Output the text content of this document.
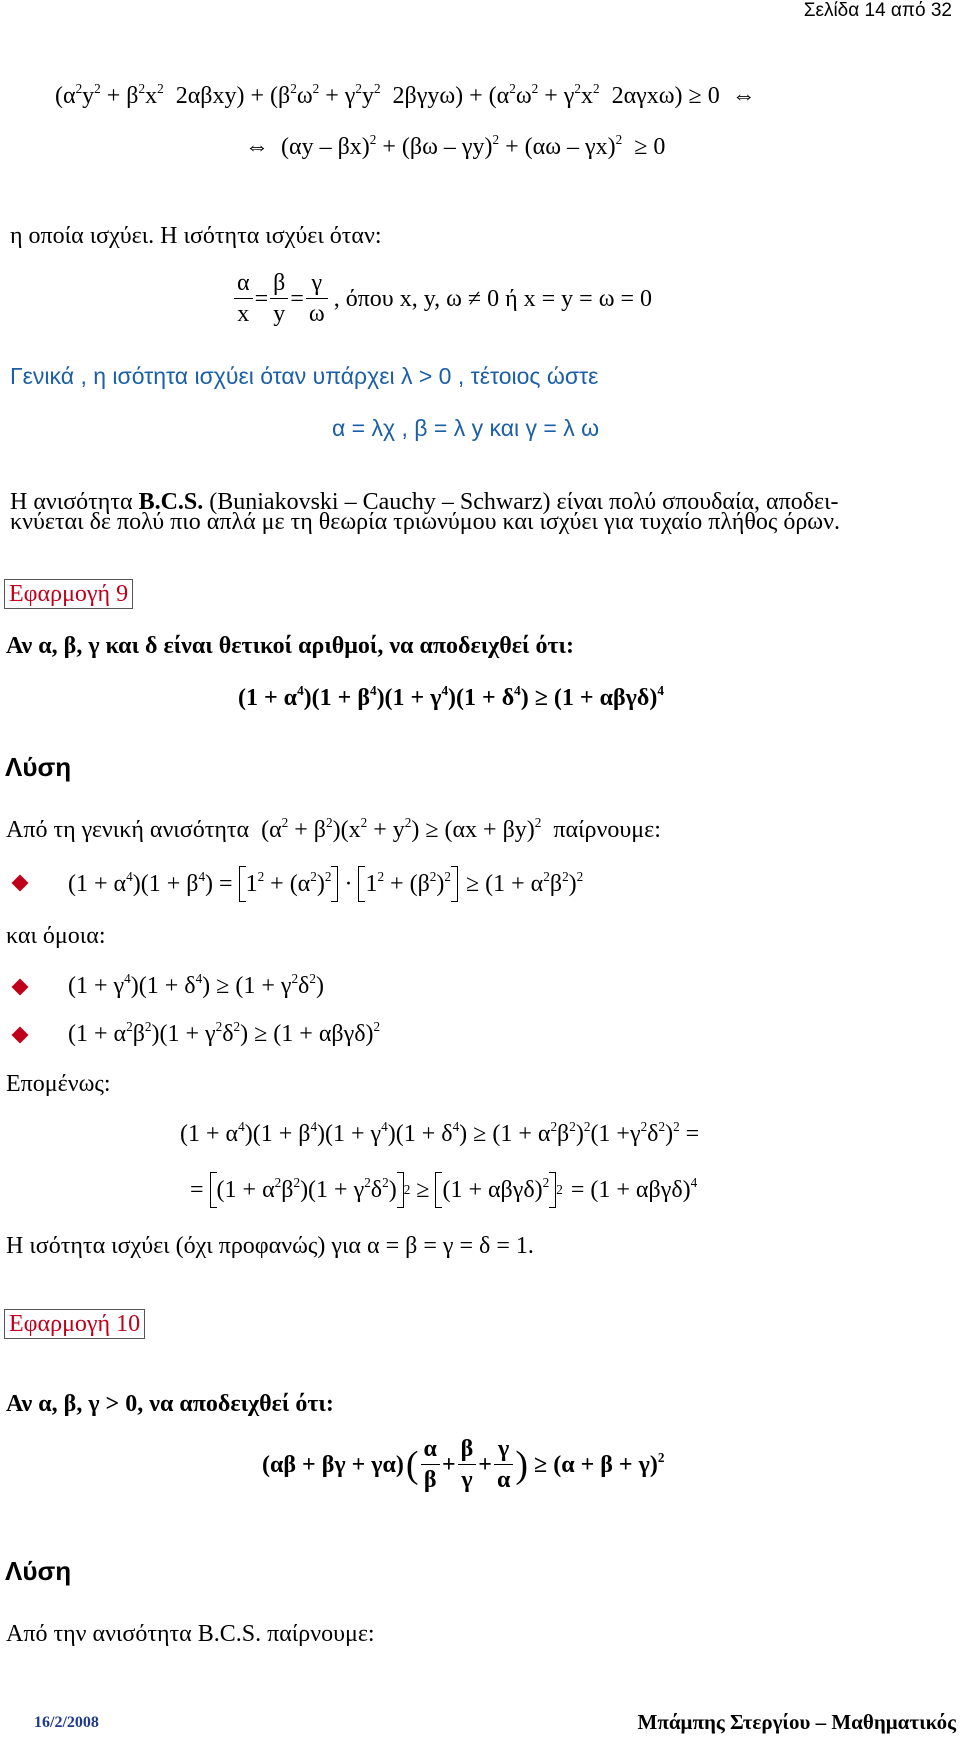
Σελίδα 14 από 32
($\alpha^2y^2 + \beta^2x^2$  $2\alpha\beta xy) + (\beta^2\omega^2 + \gamma^2y^2$  $2\beta\gamma y\omega) + (\alpha^2\omega^2 + \gamma^2x^2$  2αγxω) ≥ 0  ⇔
⇔  (αy – βx)$^2$ + (βω – γy)$^2$ + (αω – γx)$^2$  ≥ 0
η οποία ισχύει. Η ισότητα ισχύει όταν:
$\frac{\alpha}{x} = \frac{\beta}{y} = \frac{\gamma}{\omega}$ , όπου x, y, ω ≠ 0 ή x = y = ω = 0
Γενικά , η ισότητα ισχύει όταν υπάρχει λ > 0 , τέτοιος ώστε
α = λχ , β = λ y και γ = λ ω
Η ανισότητα B.C.S. (Buniakovski – Cauchy – Schwarz) είναι πολύ σπουδαία, αποδει-
κνύεται δε πολύ πιο απλά με τη θεωρία τριωνύμου και ισχύει για τυχαίο πλήθος όρων.
Εφαρμογή 9
Αν α, β, γ και δ είναι θετικοί αριθμοί, να αποδειχθεί ότι:
$(1 + \alpha^4)(1 + \beta^4)(1 + \gamma^4)(1 + \delta^4) \ge (1 + \alpha\beta\gamma\delta)^4$
Λύση
Από τη γενική ανισότητα  $(\alpha^2 + \beta^2)(x^2 + y^2) \ge (\alpha x + \beta y)^2$  παίρνουμε:
$(1 + \alpha^4)(1 + \beta^4) = 1^2 + (\alpha^2)^2 \cdot 1^2 + (\beta^2)^2 \ge (1 + \alpha^2\beta^2)^2$
και όμοια:
$(1 + \gamma^4)(1 + \delta^4) \ge (1 + \gamma^2\delta^2)$
$(1 + \alpha^2\beta^2)(1 + \gamma^2\delta^2) \ge (1 + \alpha\beta\gamma\delta)^2$
Επομένως:
$(1 + \alpha^4)(1 + \beta^4)(1 + \gamma^4)(1 + \delta^4) \ge (1 + \alpha^2\beta^2)^2(1 +\gamma^2\delta^2)^2$ =
= $(1 + \alpha^2\beta^2)(1 + \gamma^2\delta^2)$ $2 \ge (1 + \alpha\beta\gamma\delta)^2$ $2 = (1 + \alpha\beta\gamma\delta)^4$
Η ισότητα ισχύει (όχι προφανώς) για α = β = γ = δ = 1.
Εφαρμογή 10
Αν α, β, γ > 0, να αποδειχθεί ότι:
(αβ + βγ + γα) ( $\frac{\alpha}{\beta} + \frac{\beta}{\gamma} + \frac{\gamma}{\alpha}$ ) ≥ $(\alpha + \beta + \gamma)^2$
Λύση
Από την ανισότητα B.C.S. παίρνουμε:
16/2/2008	Μπάμπης Στεργίου – Μαθηματικός
